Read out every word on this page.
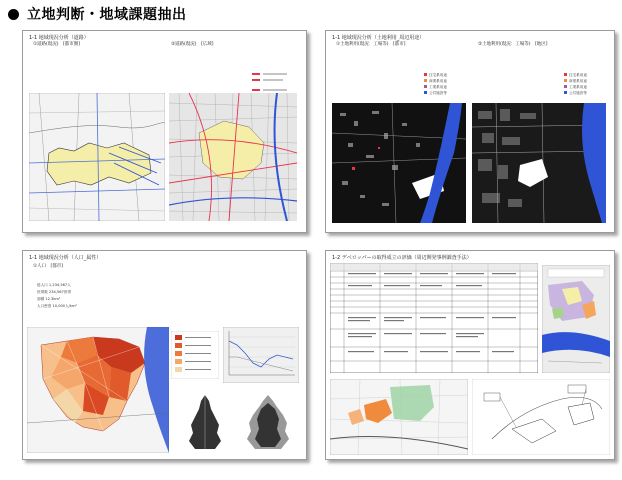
立地判断・地域課題抽出
1-1 地域現況分析（道路）
①道路(現況)　[都市圏]	②道路(現況)　[広域]
1-1 地域現況分析（土地利用_周辺用途）
①土地利用(現況：工場等)　[都市]	②土地利用(現況：工場等)　[地区]
住宅系用途
商業系用途
工業系用途
公共施設等
住宅系用途
商業系用途
工業系用途
公共施設等
1-1 地域現況分析（人口_属性）
①人口　[都市]
総人口 1,234,567人
世帯数 234,567世帯
面積 12.3km²
人口密度 10,000人/km²
1-2 デベロッパーの取得成立の評価（周辺開発事例調査手法）
